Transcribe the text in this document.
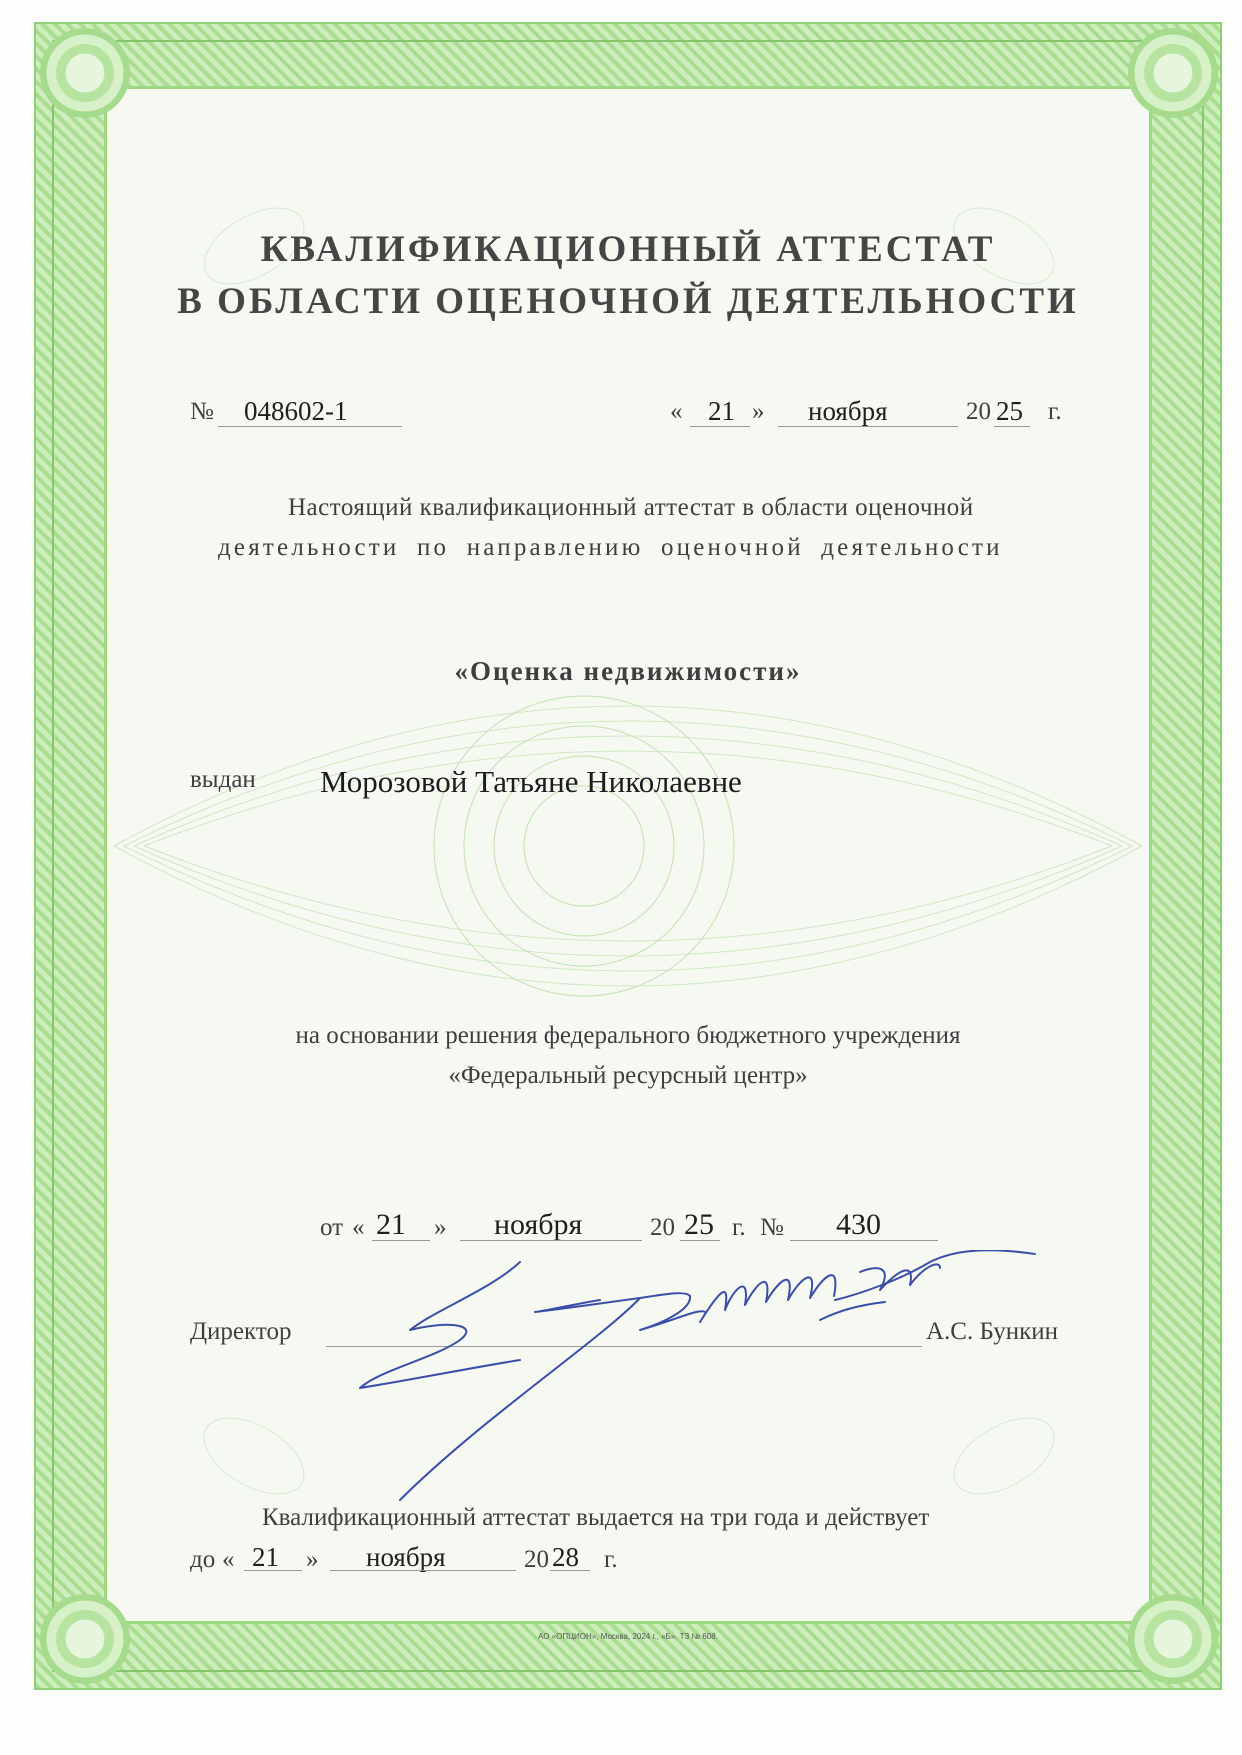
КВАЛИФИКАЦИОННЫЙ АТТЕСТАТ

В ОБЛАСТИ ОЦЕНОЧНОЙ ДЕЯТЕЛЬНОСТИ

№ 048602-1	« 21 » ноября	20 25 г.

Настоящий квалификационный аттестат в области оценочной

деятельности по направлению оценочной деятельности

«Оценка недвижимости»

выдан Морозовой Татьяне Николаевне

на основании решения федерального бюджетного учреждения

«Федеральный ресурсный центр»

от « 21 » ноября	20 25 г. № 430
Директор	А.С. Бункин

Квалификационный аттестат выдается на три года и действует

до « 21 » ноября	20 28 г.

АО «ОПЦИОН», Москва, 2024 г., «Б». ТЗ № 608.
